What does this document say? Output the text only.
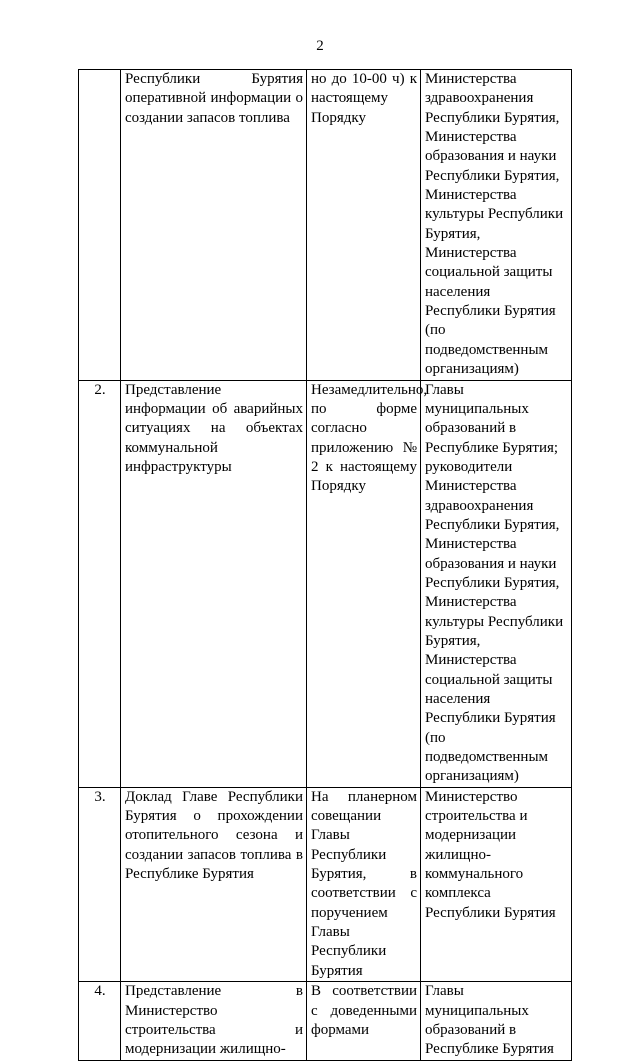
2
	Республики Бурятия оперативной информации о создании запасов топлива	но до 10-00 ч) к настоящему Порядку	Министерства здравоохранения Республики Бурятия, Министерства образования и науки Республики Бурятия, Министерства культуры Республики Бурятия, Министерства социальной защиты населения Республики Бурятия (по подведомственным организациям)
2.	Представление информации об аварийных ситуациях на объектах коммунальной инфраструктуры	Незамедлительно, по форме согласно приложению № 2 к настоящему Порядку	Главы муниципальных образований в Республике Бурятия; руководители Министерства здравоохранения Республики Бурятия, Министерства образования и науки Республики Бурятия, Министерства культуры Республики Бурятия, Министерства социальной защиты населения Республики Бурятия (по подведомственным организациям)
3.	Доклад Главе Республики Бурятия о прохождении отопительного сезона и создании запасов топлива в Республике Бурятия	На планерном совещании Главы Республики Бурятия, в соответствии с поручением Главы Республики Бурятия	Министерство строительства и модернизации жилищно-коммунального комплекса Республики Бурятия
4.	Представление в Министерство строительства и модернизации жилищно-	В соответствии с доведенными формами	Главы муниципальных образований в Республике Бурятия
